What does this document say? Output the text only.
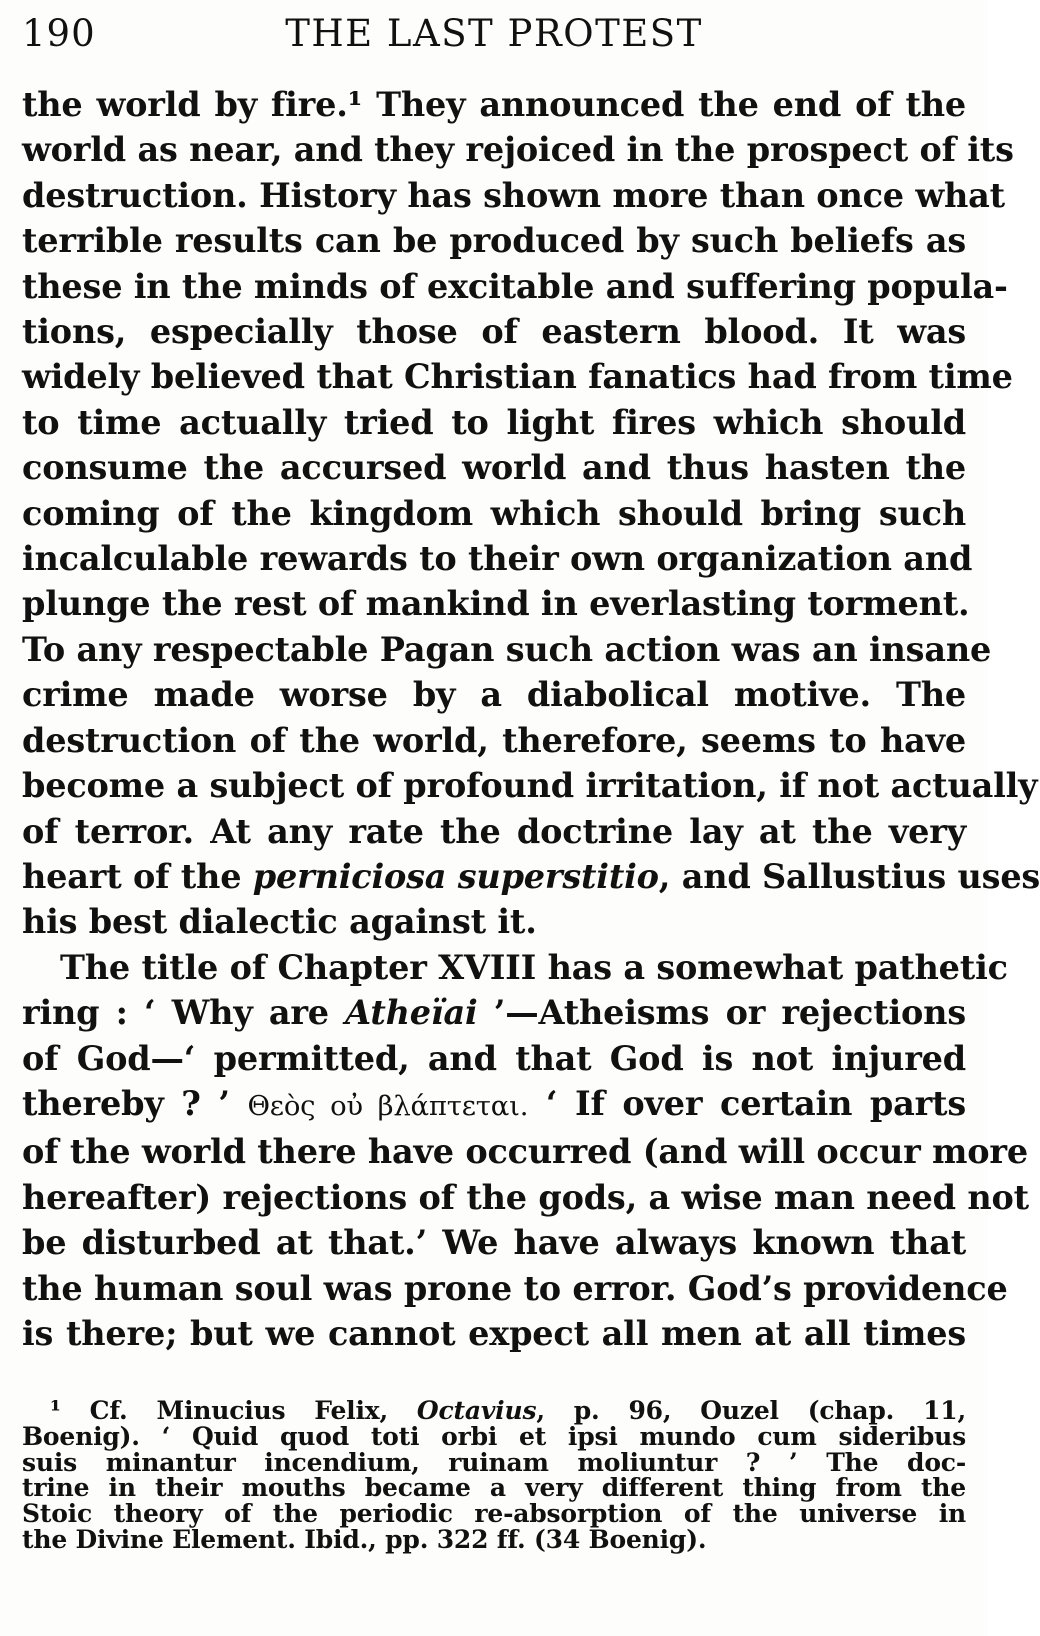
190	THE LAST PROTEST
the world by fire.¹ They announced the end of the
world as near, and they rejoiced in the prospect of its
destruction. History has shown more than once what
terrible results can be produced by such beliefs as
these in the minds of excitable and suffering popula-
tions, especially those of eastern blood. It was
widely believed that Christian fanatics had from time
to time actually tried to light fires which should
consume the accursed world and thus hasten the
coming of the kingdom which should bring such
incalculable rewards to their own organization and
plunge the rest of mankind in everlasting torment.
To any respectable Pagan such action was an insane
crime made worse by a diabolical motive. The
destruction of the world, therefore, seems to have
become a subject of profound irritation, if not actually
of terror. At any rate the doctrine lay at the very
heart of the perniciosa superstitio, and Sallustius uses
his best dialectic against it.
The title of Chapter XVIII has a somewhat pathetic
ring : ‘ Why are Atheïai ’—Atheisms or rejections
of God—‘ permitted, and that God is not injured
thereby ? ’ Θεὸς οὐ βλάπτεται. ‘ If over certain parts
of the world there have occurred (and will occur more
hereafter) rejections of the gods, a wise man need not
be disturbed at that.’ We have always known that
the human soul was prone to error. God’s providence
is there; but we cannot expect all men at all times
¹ Cf. Minucius Felix, Octavius, p. 96, Ouzel (chap. 11,
Boenig). ‘ Quid quod toti orbi et ipsi mundo cum sideribus
suis minantur incendium, ruinam moliuntur ? ’ The doc-
trine in their mouths became a very different thing from the
Stoic theory of the periodic re-absorption of the universe in
the Divine Element. Ibid., pp. 322 ff. (34 Boenig).
